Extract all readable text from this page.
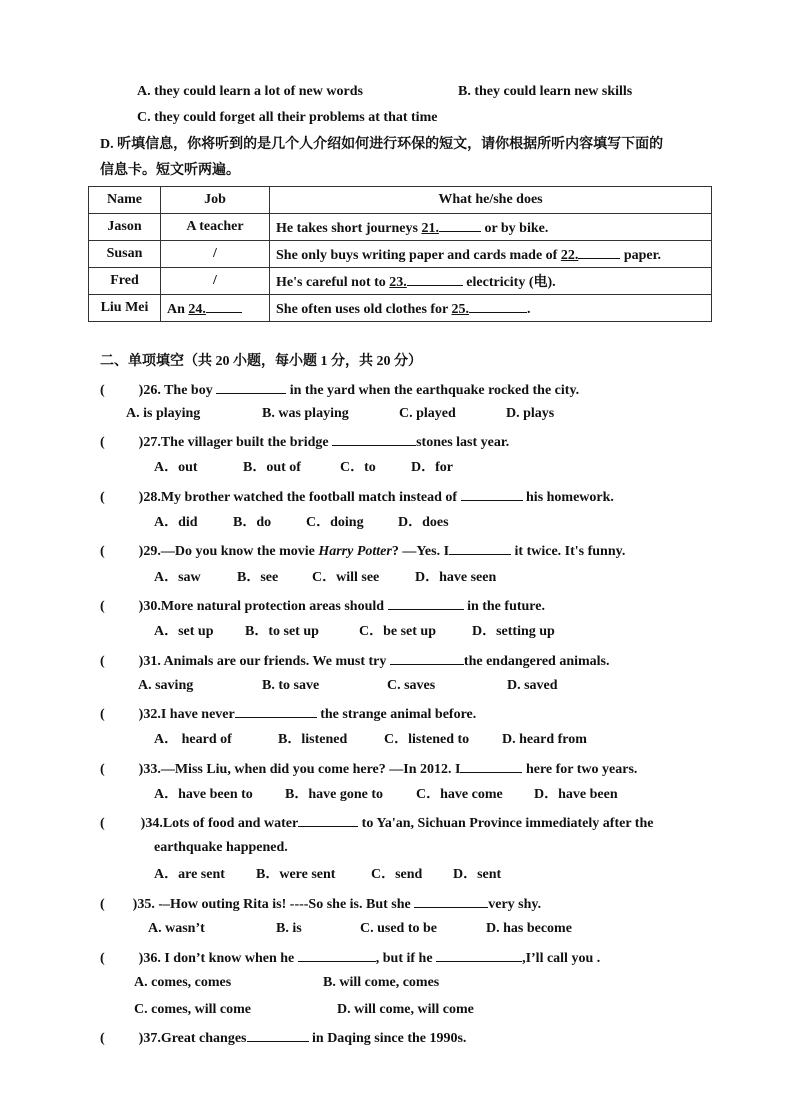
A. they could learn a lot of new words	B. they could learn new skills
C. they could forget all their problems at that time
D. 听填信息，你将听到的是几个人介绍如何进行环保的短文，请你根据所听内容填写下面的
信息卡。短文听两遍。
Name	Job	What he/she does
Jason	A teacher	He takes short journeys 21. or by bike.
Susan	/	She only buys writing paper and cards made of 22. paper.
Fred	/	He's careful not to 23. electricity (电).
Liu Mei	An 24.	She often uses old clothes for 25. .
二、单项填空（共 20 小题，每小题 1 分，共 20 分）
( )26. The boy	in the yard when the earthquake rocked the city.
A. is playing	B. was playing	C. played	D. plays
( )27.The villager built the bridge	stones last year.
A．out	B．out of	C．to	D．for
( )28.My brother watched the football match instead of	his homework.
A．did	B．do C．doing D．does
( )29.—Do you know the movie Harry Potter? —Yes. I	it twice. It's funny.
A．saw	B．see C．will see	D．have seen
( )30.More natural protection areas should	in the future.
A．set up B．to set up	C．be set up	D．setting up
( )31. Animals are our friends. We must try	the endangered animals.
A. saving	B. to save	C. saves	D. saved
( )32.I have never	the strange animal before.
A． heard of	B．listened	C．listened to D. heard from
( )33.—Miss Liu, when did you come here? —In 2012. I	here for two years.
A．have been to B．have gone to C．have come D．have been
(	)34.Lots of food and water	to Ya'an, Sichuan Province immediately after the
earthquake happened.
A．are sent B．were sent	C．send D．sent
( )35. -–How outing Rita is! ----So she is. But she	very shy.
A. wasn’t	B. is	C. used to be	D. has become
( )36. I don’t know when he	, but if he	,I’ll call you .
A. comes, comes	B. will come, comes
C. comes, will come	D. will come, will come
( )37.Great changes	in Daqing since the 1990s.
